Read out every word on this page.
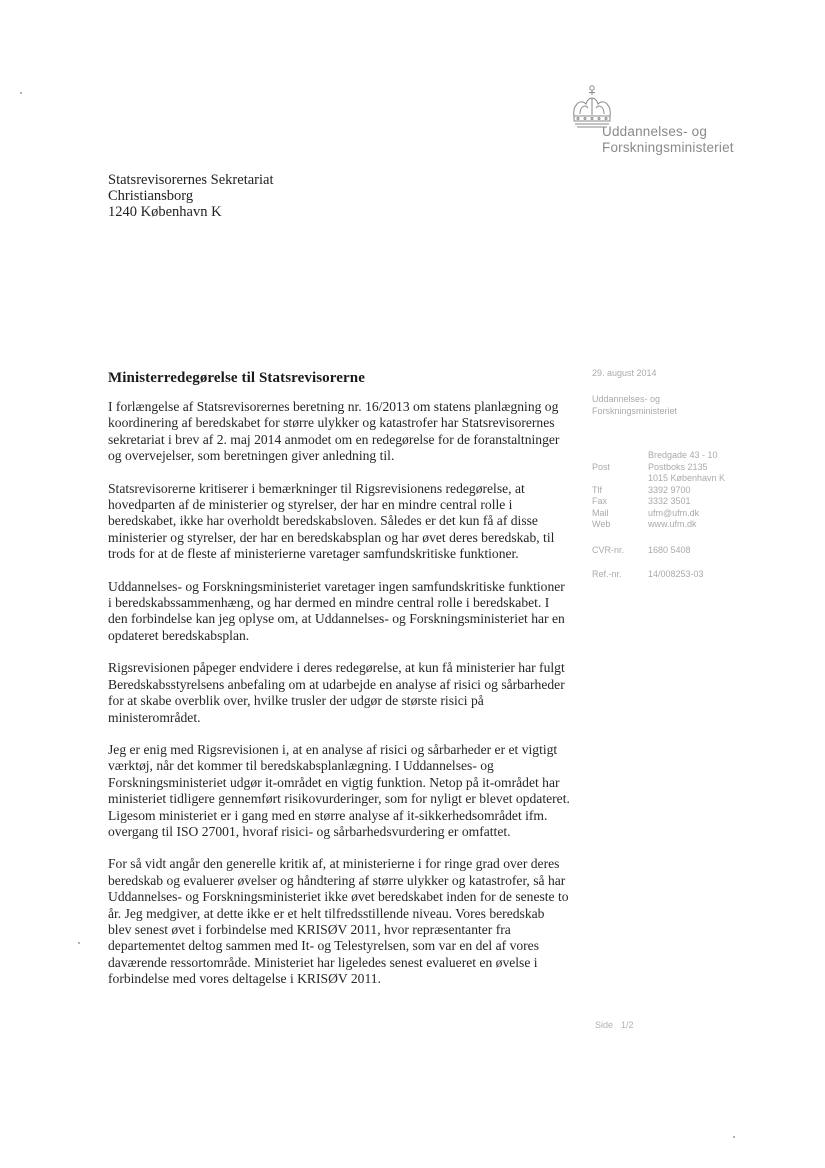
Uddannelses- og
Forskningsministeriet
Statsrevisorernes Sekretariat
Christiansborg
1240 København K
Ministerredegørelse til Statsrevisorerne

I forlængelse af Statsrevisorernes beretning nr. 16/2013 om statens planlægning og koordinering af beredskabet for større ulykker og katastrofer har Statsrevisorernes sekretariat i brev af 2. maj 2014 anmodet om en redegørelse for de foranstaltninger og overvejelser, som beretningen giver anledning til.

Statsrevisorerne kritiserer i bemærkninger til Rigsrevisionens redegørelse, at hovedparten af de ministerier og styrelser, der har en mindre central rolle i beredskabet, ikke har overholdt beredskabsloven. Således er det kun få af disse ministerier og styrelser, der har en beredskabsplan og har øvet deres beredskab, til trods for at de fleste af ministerierne varetager samfundskritiske funktioner.

Uddannelses- og Forskningsministeriet varetager ingen samfundskritiske funktioner i beredskabssammenhæng, og har dermed en mindre central rolle i beredskabet. I den forbindelse kan jeg oplyse om, at Uddannelses- og Forskningsministeriet har en opdateret beredskabsplan.

Rigsrevisionen påpeger endvidere i deres redegørelse, at kun få ministerier har fulgt Beredskabsstyrelsens anbefaling om at udarbejde en analyse af risici og sårbarheder for at skabe overblik over, hvilke trusler der udgør de største risici på ministerområdet.

Jeg er enig med Rigsrevisionen i, at en analyse af risici og sårbarheder er et vigtigt værktøj, når det kommer til beredskabsplanlægning. I Uddannelses- og Forskningsministeriet udgør it-området en vigtig funktion. Netop på it-området har ministeriet tidligere gennemført risikovurderinger, som for nyligt er blevet opdateret. Ligesom ministeriet er i gang med en større analyse af it-sikkerhedsområdet ifm. overgang til ISO 27001, hvoraf risici- og sårbarhedsvurdering er omfattet.

For så vidt angår den generelle kritik af, at ministerierne i for ringe grad over deres beredskab og evaluerer øvelser og håndtering af større ulykker og katastrofer, så har Uddannelses- og Forskningsministeriet ikke øvet beredskabet inden for de seneste to år. Jeg medgiver, at dette ikke er et helt tilfredsstillende niveau. Vores beredskab blev senest øvet i forbindelse med KRISØV 2011, hvor repræsentanter fra departementet deltog sammen med It- og Telestyrelsen, som var en del af vores daværende ressortområde. Ministeriet har ligeledes senest evalueret en øvelse i forbindelse med vores deltagelse i KRISØV 2011.

29. august 2014
Uddannelses- og
Forskningsministeriet
Bredgade 43 - 10
Post	Postboks 2135
1015 København K
Tlf	3392 9700
Fax	3332 3501
Mail	ufm@ufm.dk
Web	www.ufm.dk
CVR-nr.	1680 5408
Ref.-nr.	14/008253-03
Side 1/2
